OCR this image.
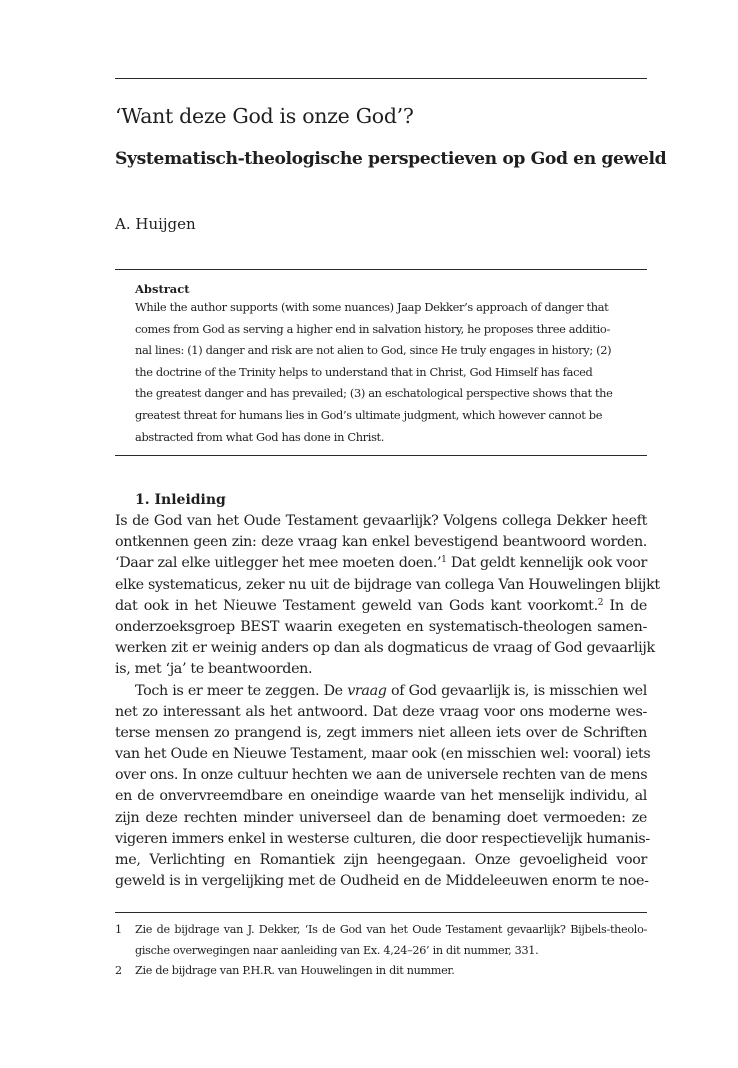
‘Want deze God is onze God’?
Systematisch-theologische perspectieven op God en geweld
A. Huijgen
Abstract
While the author supports (with some nuances) Jaap Dekker’s approach of danger that
comes from God as serving a higher end in salvation history, he proposes three additio-
nal lines: (1) danger and risk are not alien to God, since He truly engages in history; (2)
the doctrine of the Trinity helps to understand that in Christ, God Himself has faced
the greatest danger and has prevailed; (3) an eschatological perspective shows that the
greatest threat for humans lies in God’s ultimate judgment, which however cannot be
abstracted from what God has done in Christ.
1. Inleiding
Is de God van het Oude Testament gevaarlijk? Volgens collega Dekker heeft
ontkennen geen zin: deze vraag kan enkel bevestigend beantwoord worden.
‘Daar zal elke uitlegger het mee moeten doen.’$^1$ Dat geldt kennelijk ook voor
elke systematicus, zeker nu uit de bijdrage van collega Van Houwelingen blijkt
dat ook in het Nieuwe Testament geweld van Gods kant voorkomt.$^2$ In de
onderzoeksgroep BEST waarin exegeten en systematisch-theologen samen-
werken zit er weinig anders op dan als dogmaticus de vraag of God gevaarlijk
is, met ‘ja’ te beantwoorden.
Toch is er meer te zeggen. De vraag of God gevaarlijk is, is misschien wel
net zo interessant als het antwoord. Dat deze vraag voor ons moderne wes-
terse mensen zo prangend is, zegt immers niet alleen iets over de Schriften
van het Oude en Nieuwe Testament, maar ook (en misschien wel: vooral) iets
over ons. In onze cultuur hechten we aan de universele rechten van de mens
en de onvervreemdbare en oneindige waarde van het menselijk individu, al
zijn deze rechten minder universeel dan de benaming doet vermoeden: ze
vigeren immers enkel in westerse culturen, die door respectievelijk humanis-
me, Verlichting en Romantiek zijn heengegaan. Onze gevoeligheid voor
geweld is in vergelijking met de Oudheid en de Middeleeuwen enorm te noe-
1 Zie de bijdrage van J. Dekker, ‘Is de God van het Oude Testament gevaarlijk? Bijbels-theolo-
gische overwegingen naar aanleiding van Ex. 4,24–26’ in dit nummer, 331.
2 Zie de bijdrage van P.H.R. van Houwelingen in dit nummer.
